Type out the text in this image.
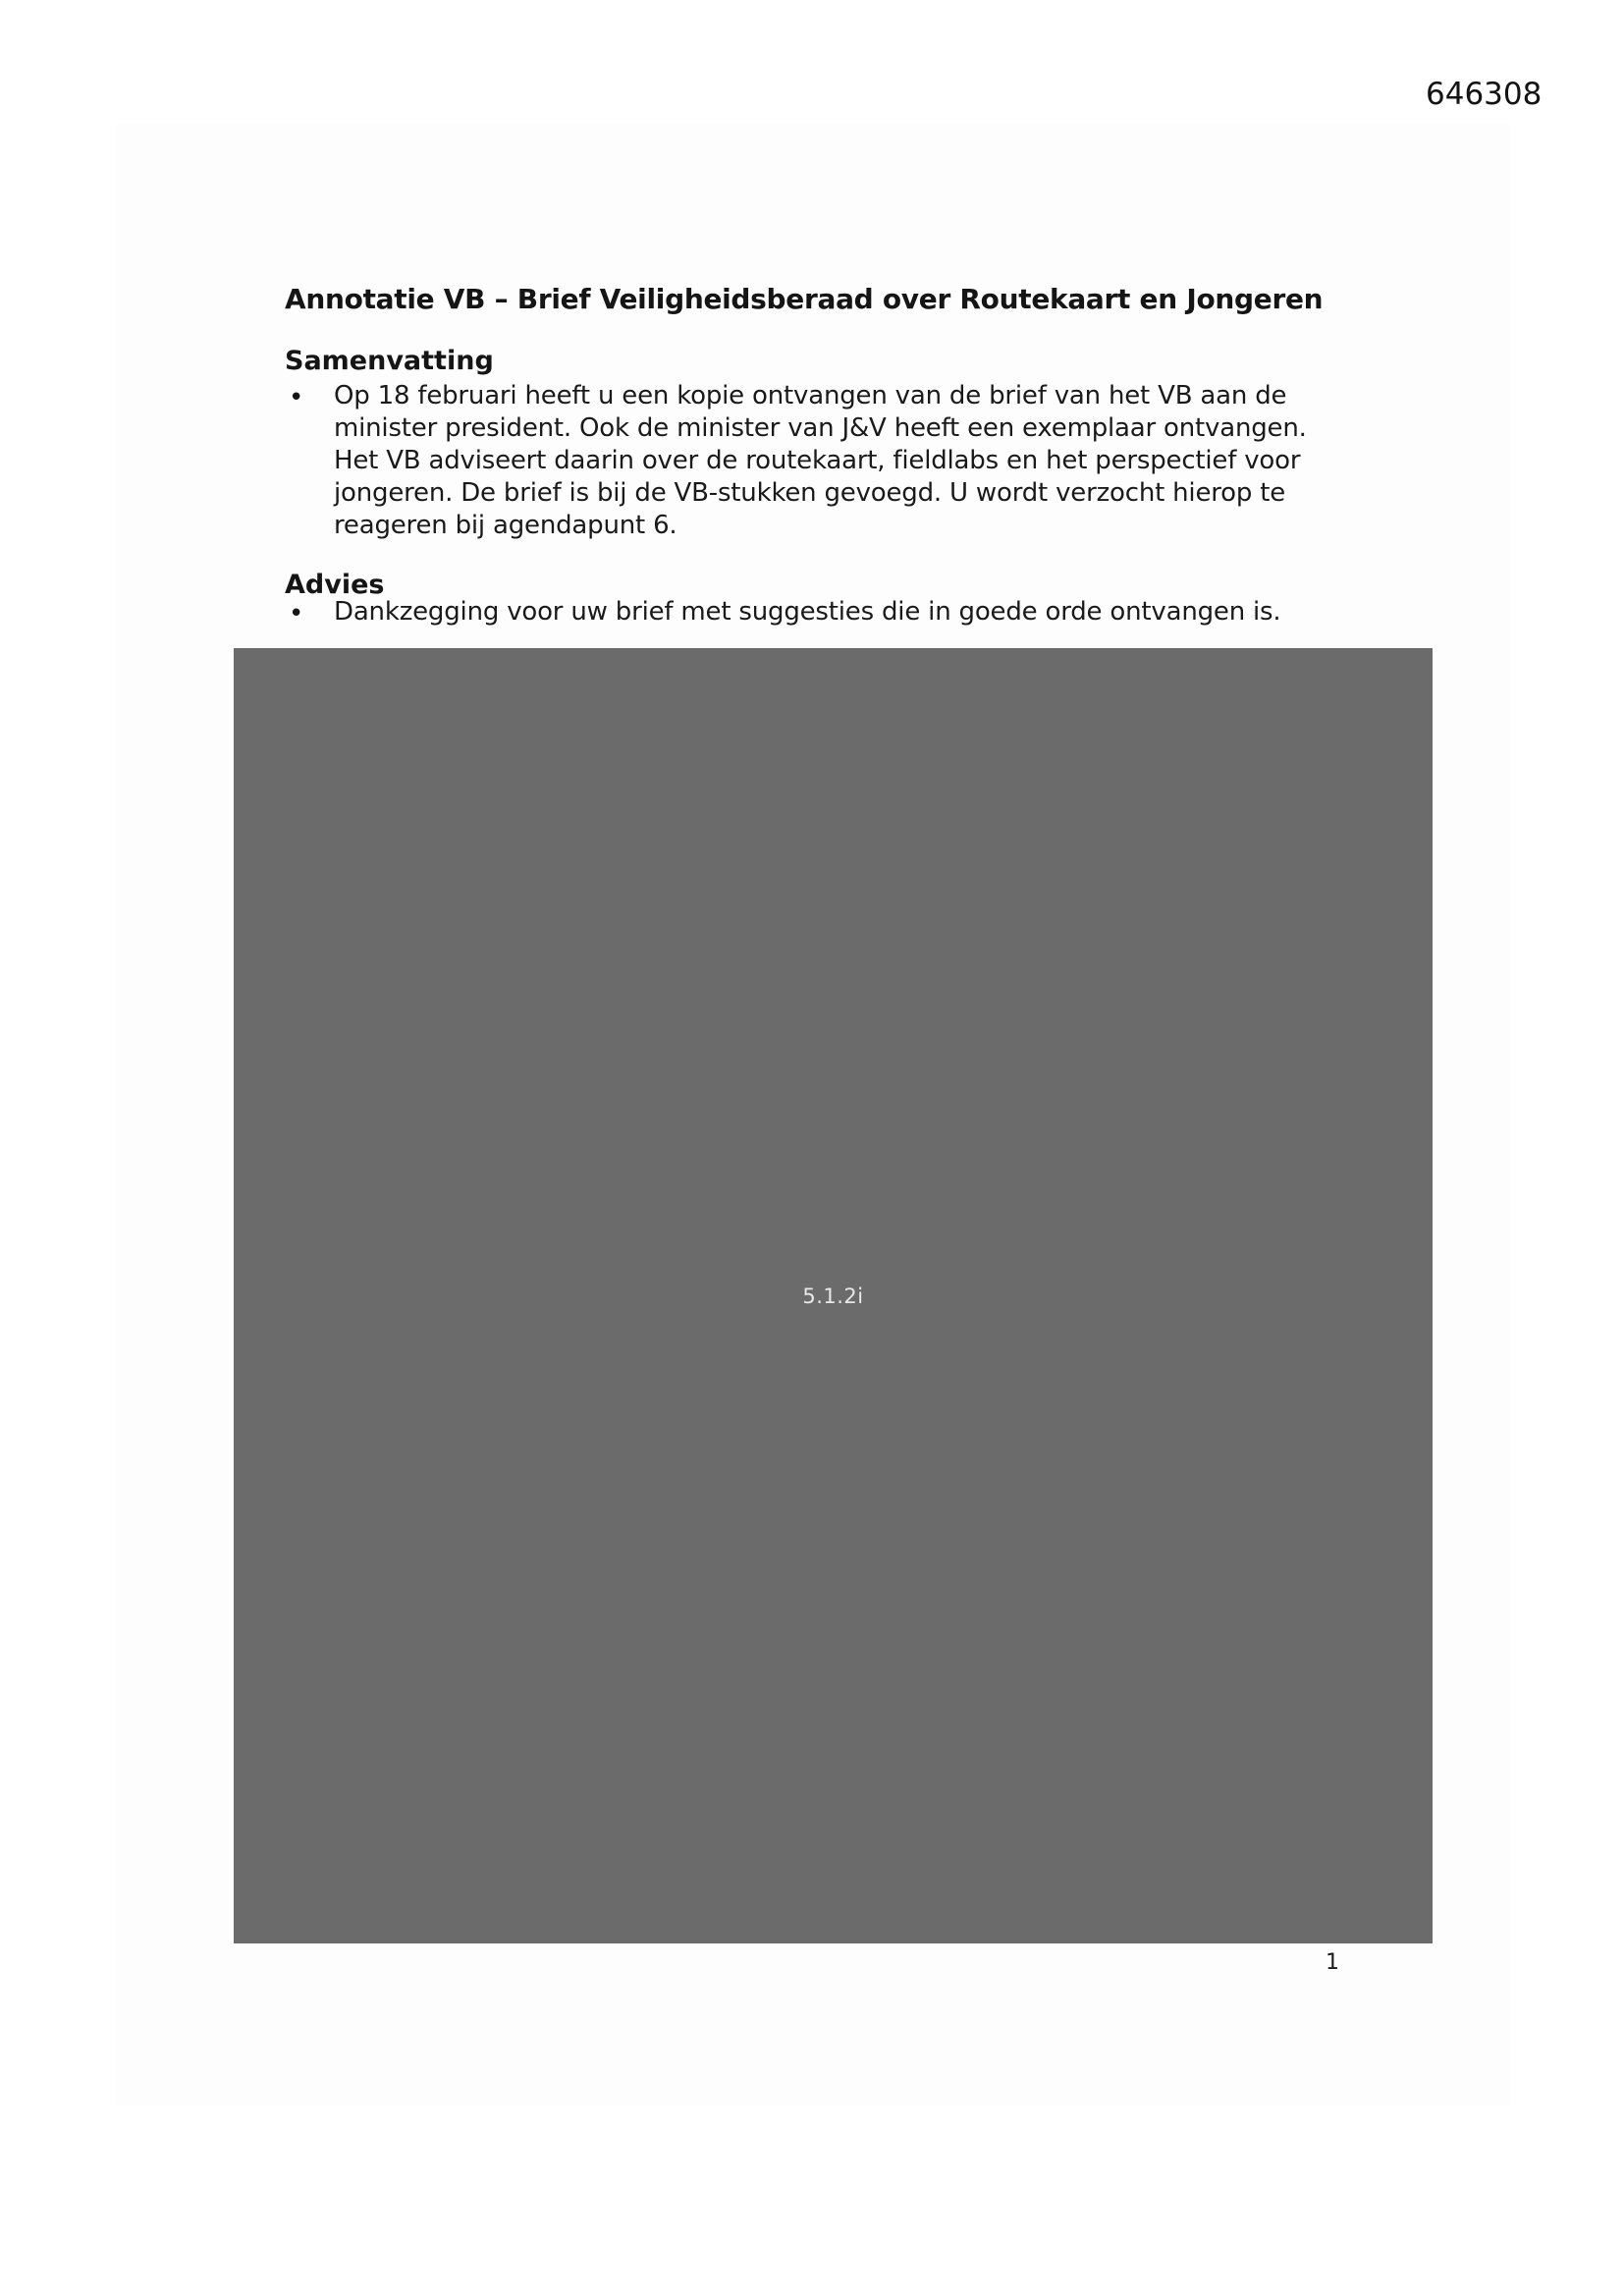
646308
Annotatie VB – Brief Veiligheidsberaad over Routekaart en Jongeren
Samenvatting
• Op 18 februari heeft u een kopie ontvangen van de brief van het VB aan de
minister president. Ook de minister van J&V heeft een exemplaar ontvangen.
Het VB adviseert daarin over de routekaart, fieldlabs en het perspectief voor
jongeren. De brief is bij de VB-stukken gevoegd. U wordt verzocht hierop te
reageren bij agendapunt 6.
Advies
• Dankzegging voor uw brief met suggesties die in goede orde ontvangen is.
5.1.2i
1
